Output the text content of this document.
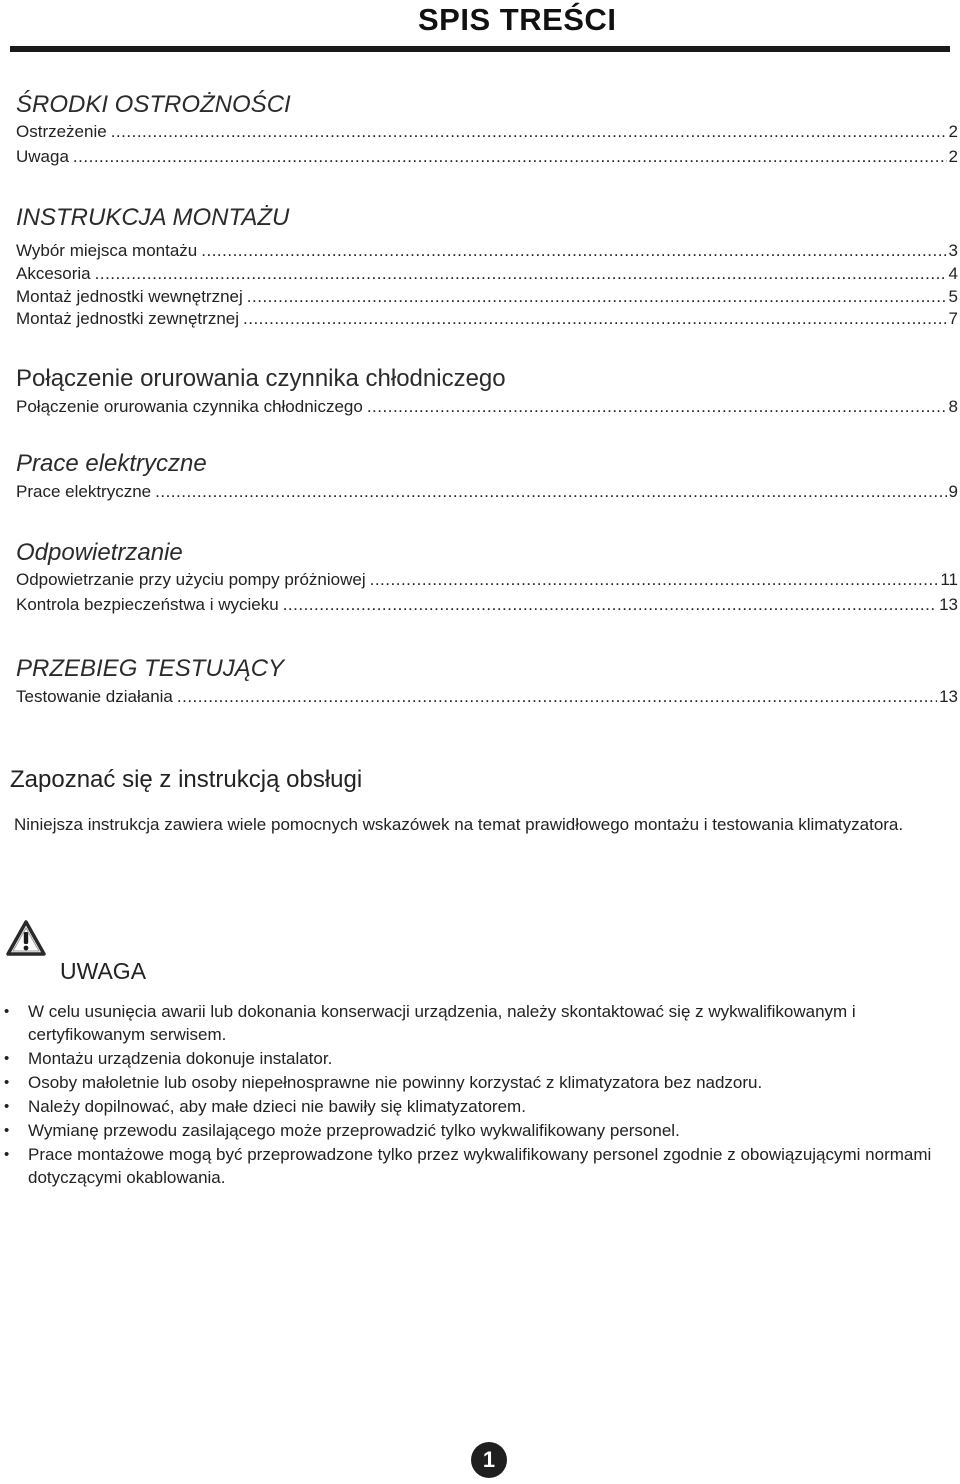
SPIS TREŚCI
ŚRODKI OSTROŻNOŚCI
Ostrzeżenie .....	2
Uwaga .....	2
INSTRUKCJA MONTAŻU
Wybór miejsca montażu .....	3
Akcesoria .....	4
Montaż jednostki wewnętrznej .....	5
Montaż jednostki zewnętrznej .....	7
Połączenie orurowania czynnika chłodniczego
Połączenie orurowania czynnika chłodniczego .....	8
Prace elektryczne
Prace elektryczne .....	9
Odpowietrzanie
Odpowietrzanie przy użyciu pompy próżniowej .....	11
Kontrola bezpieczeństwa i wycieku .....	13
PRZEBIEG TESTUJĄCY
Testowanie działania .....	13
Zapoznać się z instrukcją obsługi
Niniejsza instrukcja zawiera wiele pomocnych wskazówek na temat prawidłowego montażu i testowania klimatyzatora.
UWAGA
• W celu usunięcia awarii lub dokonania konserwacji urządzenia, należy skontaktować się z wykwalifikowanym i certyfikowanym serwisem.
• Montażu urządzenia dokonuje instalator.
• Osoby małoletnie lub osoby niepełnosprawne nie powinny korzystać z klimatyzatora bez nadzoru.
• Należy dopilnować, aby małe dzieci nie bawiły się klimatyzatorem.
• Wymianę przewodu zasilającego może przeprowadzić tylko wykwalifikowany personel.
• Prace montażowe mogą być przeprowadzone tylko przez wykwalifikowany personel zgodnie z obowiązującymi normami dotyczącymi okablowania.
1
